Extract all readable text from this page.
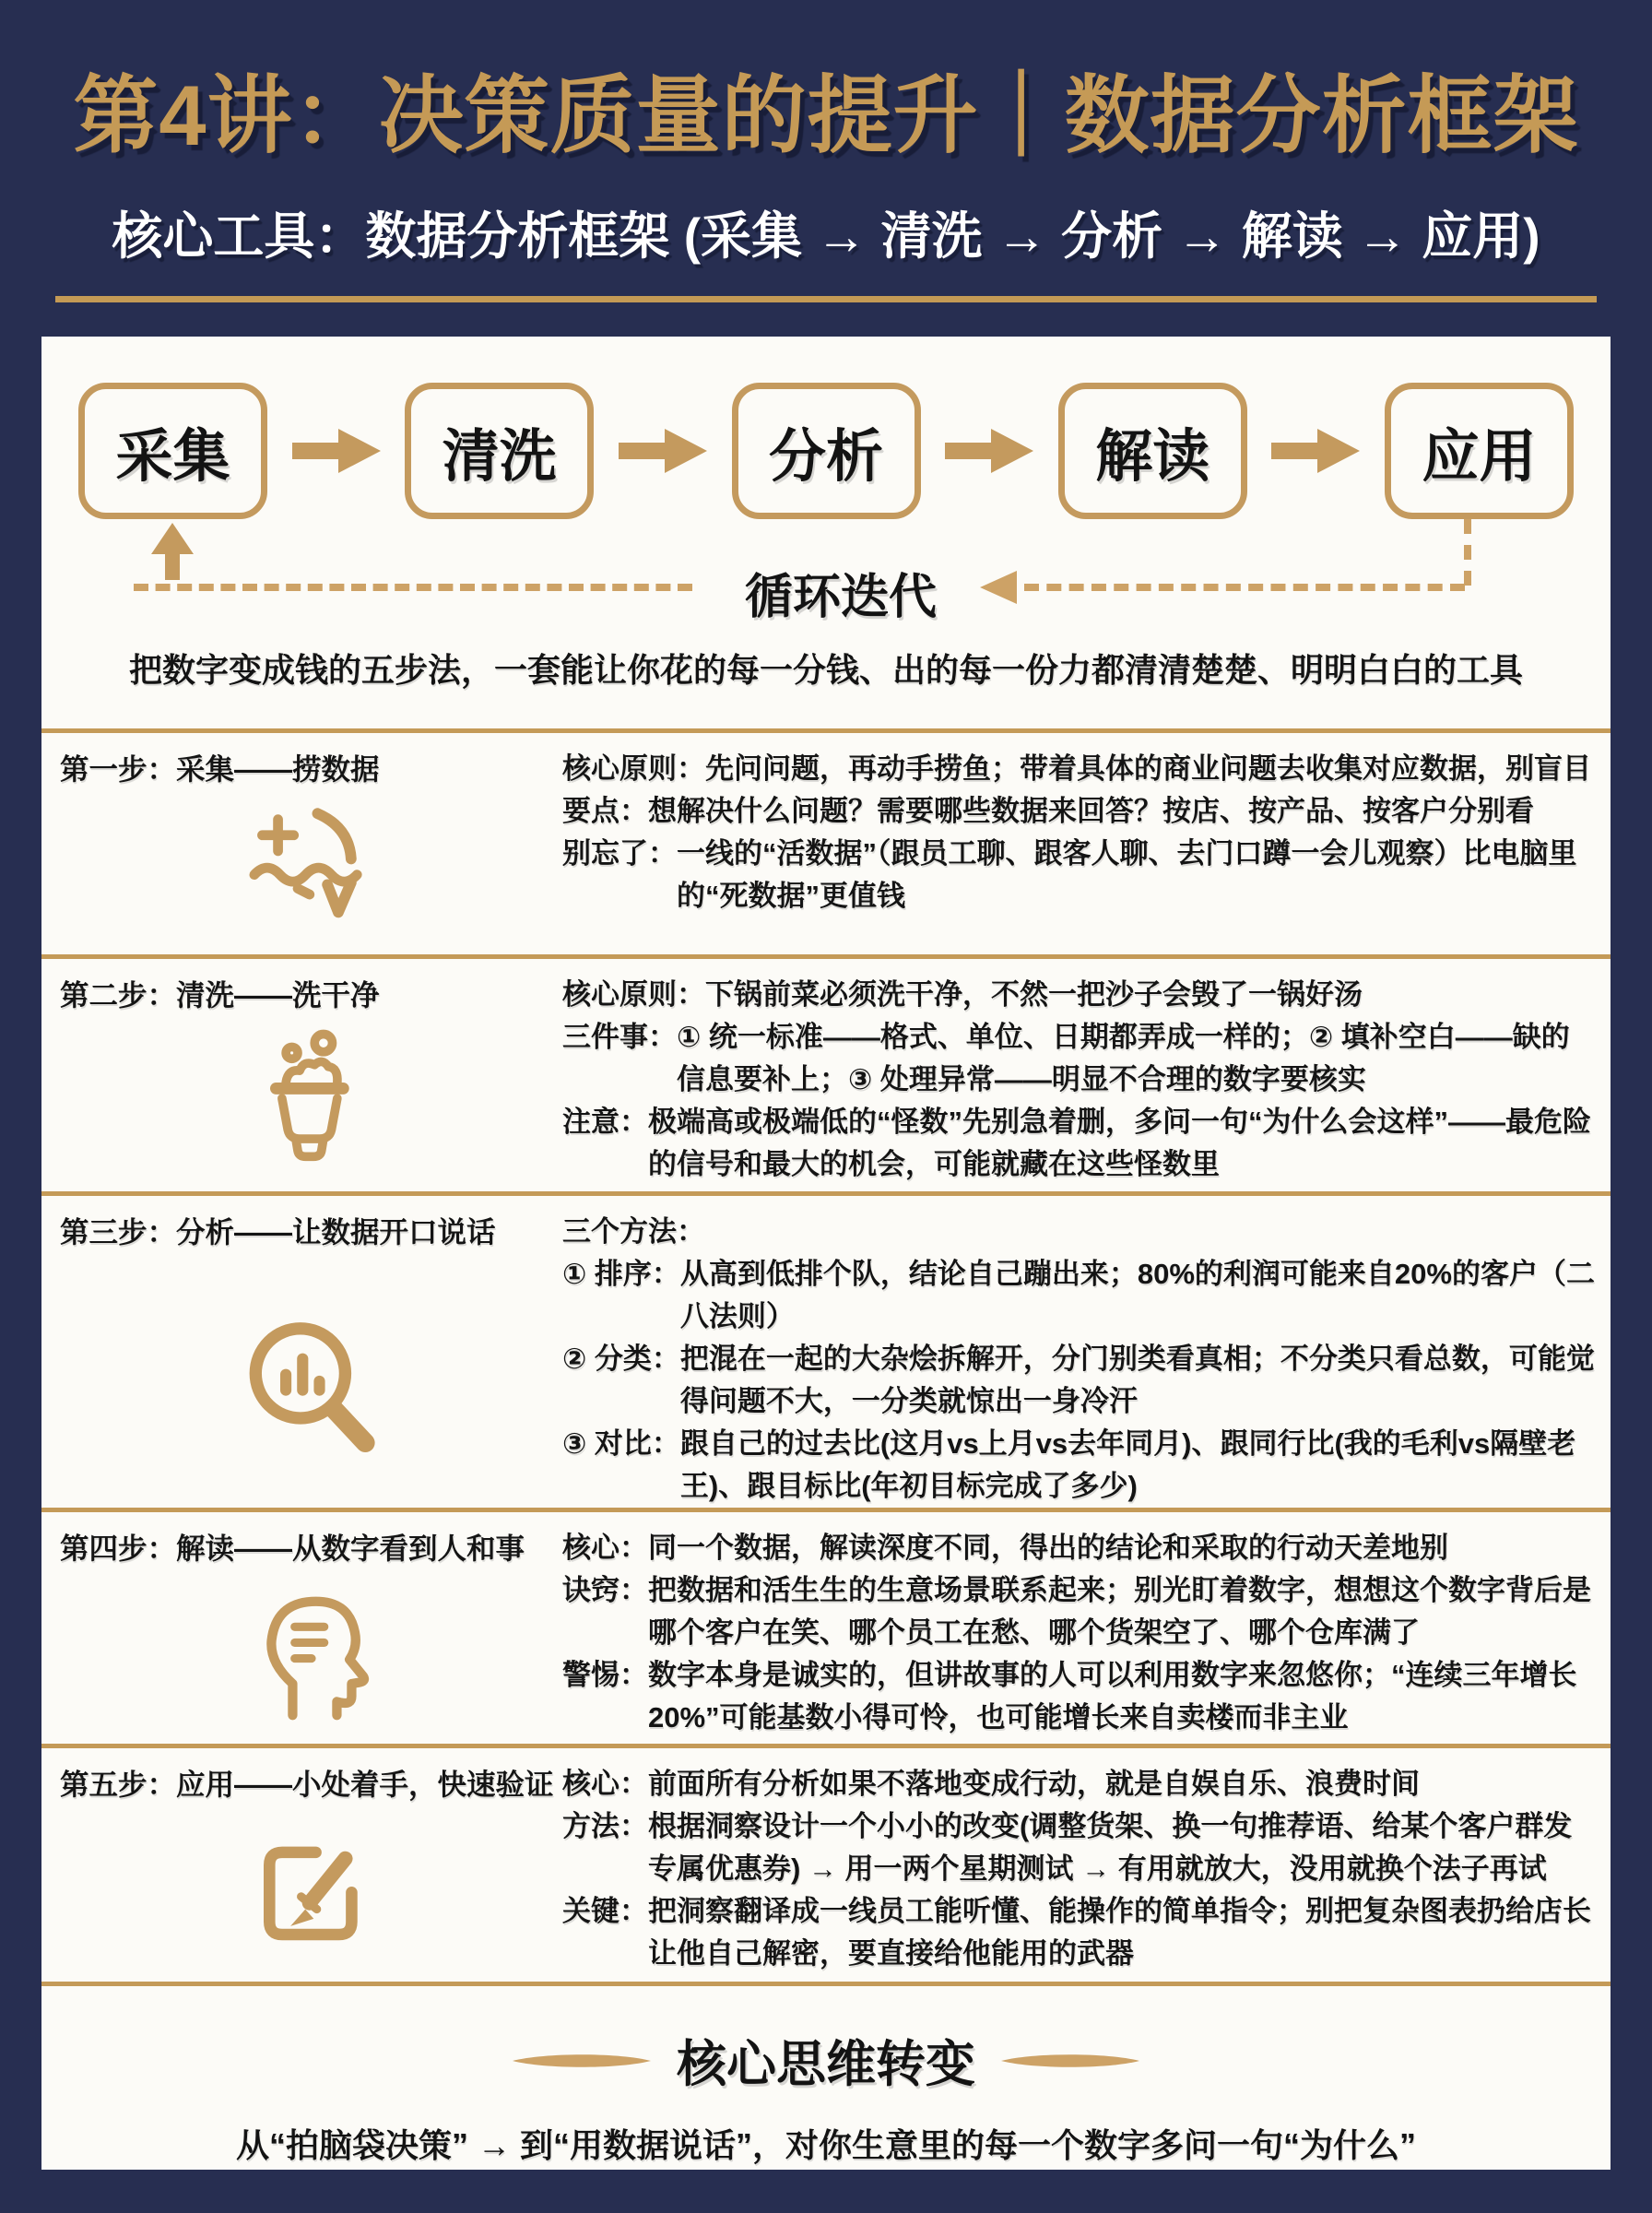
第4讲：决策质量的提升｜数据分析框架
核心工具：数据分析框架 (采集 → 清洗 → 分析 → 解读 → 应用)
采集	清洗	分析	解读	应用
循环迭代
把数字变成钱的五步法，一套能让你花的每一分钱、出的每一份力都清清楚楚、明明白白的工具
第一步：采集——捞数据	核心原则： 先问问题，再动手捞鱼；带着具体的商业问题去收集对应数据，别盲目
要点： 想解决什么问题？需要哪些数据来回答？按店、按产品、按客户分别看
别忘了： 一线的“活数据”（跟员工聊、跟客人聊、去门口蹲一会儿观察）比电脑里的“死数据”更值钱
第二步：清洗——洗干净	核心原则： 下锅前菜必须洗干净，不然一把沙子会毁了一锅好汤
三件事： ① 统一标准——格式、单位、日期都弄成一样的；② 填补空白——缺的信息要补上；③ 处理异常——明显不合理的数字要核实
注意： 极端高或极端低的“怪数”先别急着删，多问一句“为什么会这样”——最危险的信号和最大的机会，可能就藏在这些怪数里
第三步：分析——让数据开口说话	三个方法：
① 排序： 从高到低排个队，结论自己蹦出来；80%的利润可能来自20%的客户（二八法则）
② 分类： 把混在一起的大杂烩拆解开，分门别类看真相；不分类只看总数，可能觉得问题不大，一分类就惊出一身冷汗
③ 对比： 跟自己的过去比(这月vs上月vs去年同月)、跟同行比(我的毛利vs隔壁老王)、跟目标比(年初目标完成了多少)
第四步：解读——从数字看到人和事	核心： 同一个数据，解读深度不同，得出的结论和采取的行动天差地别
诀窍： 把数据和活生生的生意场景联系起来；别光盯着数字，想想这个数字背后是哪个客户在笑、哪个员工在愁、哪个货架空了、哪个仓库满了
警惕： 数字本身是诚实的，但讲故事的人可以利用数字来忽悠你；“连续三年增长20%”可能基数小得可怜，也可能增长来自卖楼而非主业
第五步：应用——小处着手，快速验证 核心： 前面所有分析如果不落地变成行动，就是自娱自乐、浪费时间
方法： 根据洞察设计一个小小的改变(调整货架、换一句推荐语、给某个客户群发专属优惠券) → 用一两个星期测试 → 有用就放大，没用就换个法子再试
关键： 把洞察翻译成一线员工能听懂、能操作的简单指令；别把复杂图表扔给店长让他自己解密，要直接给他能用的武器
核心思维转变
从“拍脑袋决策” → 到“用数据说话”，对你生意里的每一个数字多问一句“为什么”
